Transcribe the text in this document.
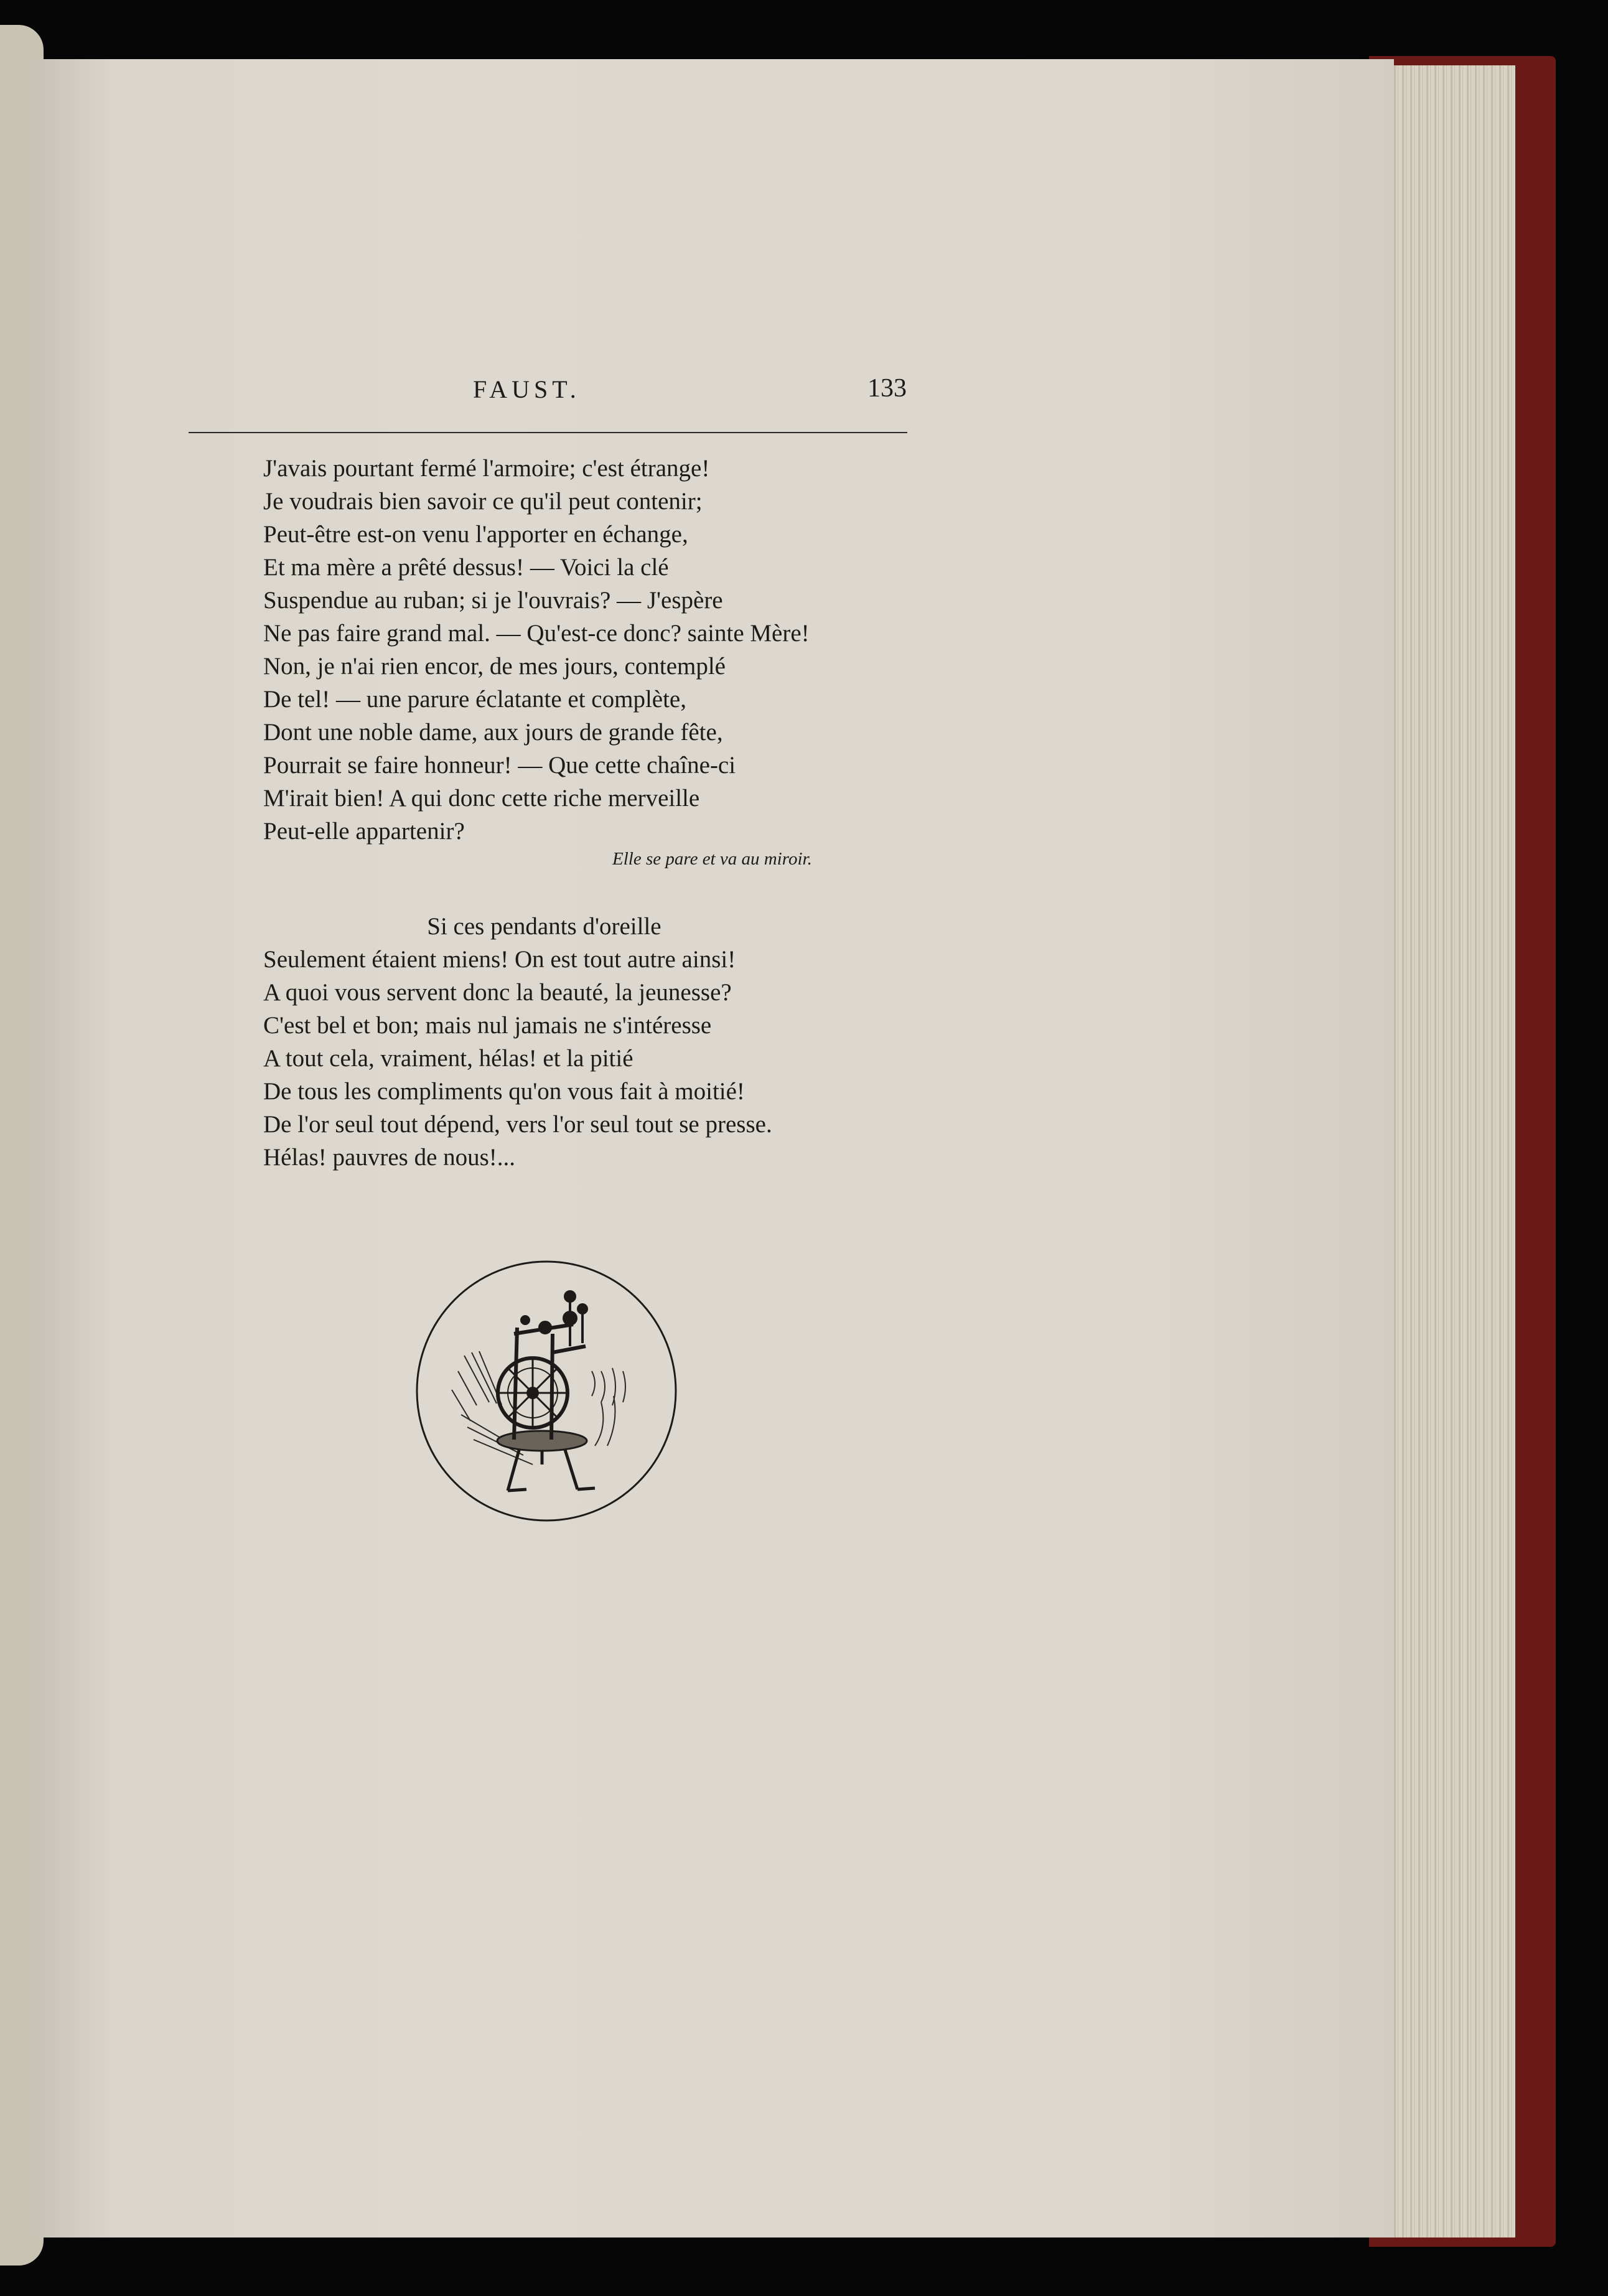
FAUST.	133
J'avais pourtant fermé l'armoire; c'est étrange!
Je voudrais bien savoir ce qu'il peut contenir;
Peut-être est-on venu l'apporter en échange,
Et ma mère a prêté dessus! — Voici la clé
Suspendue au ruban; si je l'ouvrais? — J'espère
Ne pas faire grand mal. — Qu'est-ce donc? sainte Mère!
Non, je n'ai rien encor, de mes jours, contemplé
De tel! — une parure éclatante et complète,
Dont une noble dame, aux jours de grande fête,
Pourrait se faire honneur! — Que cette chaîne-ci
M'irait bien! A qui donc cette riche merveille
Peut-elle appartenir?
Elle se pare et va au miroir.
Si ces pendants d'oreille
Seulement étaient miens! On est tout autre ainsi!
A quoi vous servent donc la beauté, la jeunesse?
C'est bel et bon; mais nul jamais ne s'intéresse
A tout cela, vraiment, hélas! et la pitié
De tous les compliments qu'on vous fait à moitié!
De l'or seul tout dépend, vers l'or seul tout se presse.
Hélas! pauvres de nous!...
